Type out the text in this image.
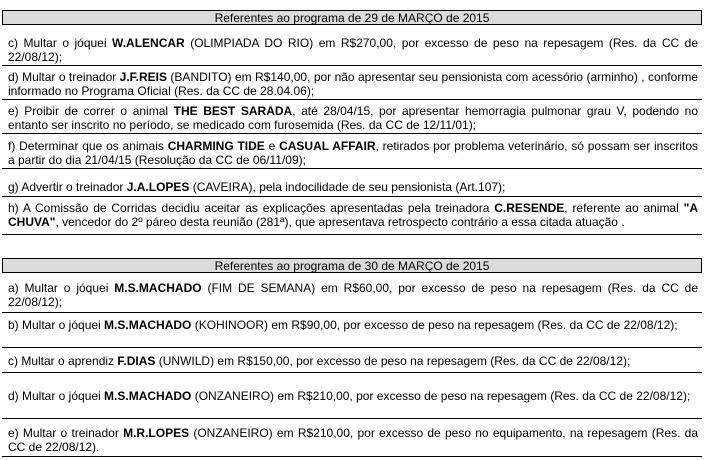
Referentes ao programa de 29 de MARÇO de 2015
c) Multar o jóquei W.ALENCAR (OLIMPIADA DO RIO) em R$270,00, por excesso de peso na repesagem (Res. da CC de 22/08/12);
d) Multar o treinador J.F.REIS (BANDITO) em R$140,00, por não apresentar seu pensionista com acessório (arminho) , conforme informado no Programa Oficial (Res. da CC de 28.04.06);
e) Proibir de correr o animal THE BEST SARADA, até 28/04/15, por apresentar hemorragia pulmonar grau V, podendo no entanto ser inscrito no período, se medicado com furosemida (Res. da CC de 12/11/01);
f) Determinar que os animais CHARMING TIDE e CASUAL AFFAIR, retirados por problema veterinário, só possam ser inscritos a partir do dia 21/04/15 (Resolução da CC de 06/11/09);
g) Advertir o treinador J.A.LOPES (CAVEIRA), pela indocilidade de seu pensionista (Art.107);
h) A Comissão de Corridas decidiu aceitar as explicações apresentadas pela treinadora C.RESENDE, referente ao animal "A CHUVA", vencedor do 2º páreo desta reunião (281ª), que apresentava retrospecto contrário a essa citada atuação .
Referentes ao programa de 30 de MARÇO de 2015
a) Multar o jóquei M.S.MACHADO (FIM DE SEMANA) em R$60,00, por excesso de peso na repesagem (Res. da CC de 22/08/12);
b) Multar o jóquei M.S.MACHADO (KOHINOOR) em R$90,00, por excesso de peso na repesagem (Res. da CC de 22/08/12);
c) Multar o aprendiz F.DIAS (UNWILD) em R$150,00, por excesso de peso na repesagem (Res. da CC de 22/08/12);
d) Multar o jóquei M.S.MACHADO (ONZANEIRO) em R$210,00, por excesso de peso na repesagem (Res. da CC de 22/08/12);
e) Multar o treinador M.R.LOPES (ONZANEIRO) em R$210,00, por excesso de peso no equipamento, na repesagem (Res. da CC de 22/08/12).
